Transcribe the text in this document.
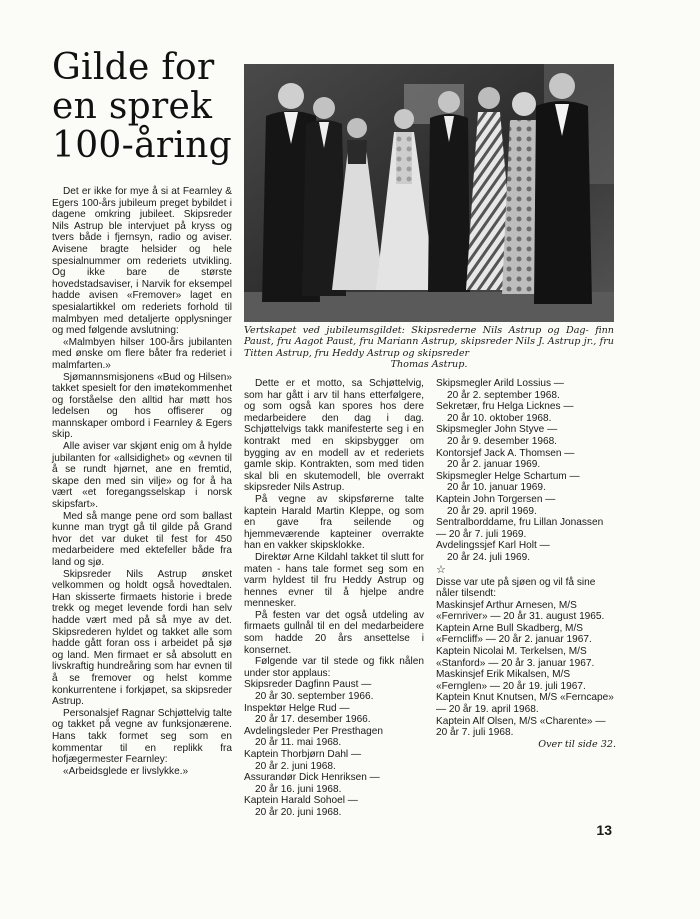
Gilde for
en sprek
100-åring

Vertskapet ved jubileumsgildet: Skipsrederne Nils Astrup og Dag- finn Paust, fru Aagot Paust, fru Mariann Astrup, skipsreder Nils J. Astrup jr., fru Titten Astrup, fru Heddy Astrup og skipsreder
Thomas Astrup.

Det er ikke for mye å si at Fearnley & Egers 100-års jubileum preget bybildet i dagene omkring jubileet. Skipsreder Nils Astrup ble intervjuet på kryss og tvers både i fjernsyn, radio og aviser. Avisene bragte helsider og hele spesialnummer om rederiets utvikling. Og ikke bare de største hovedstadsaviser, i Narvik for eksempel hadde avisen «Fremover» laget en spesialartikkel om rederiets forhold til malmbyen med detaljerte opplysninger og med følgende avslutning:

«Malmbyen hilser 100-års jubilanten med ønske om flere båter fra rederiet i malmfarten.»

Sjømannsmisjonens «Bud og Hilsen» takket spesielt for den imøtekommenhet og forståelse den alltid har møtt hos ledelsen og hos offiserer og mannskaper ombord i Fearnley & Egers skip.

Alle aviser var skjønt enig om å hylde jubilanten for «allsidighet» og «evnen til å se rundt hjørnet, ane en fremtid, skape den med sin vilje» og for å ha vært «et foregangsselskap i norsk skipsfart».

Med så mange pene ord som ballast kunne man trygt gå til gilde på Grand hvor det var duket til fest for 450 medarbeidere med ektefeller både fra land og sjø.

Skipsreder Nils Astrup ønsket velkommen og holdt også hovedtalen. Han skisserte firmaets historie i brede trekk og meget levende fordi han selv hadde vært med på så mye av det. Skipsrederen hyldet og takket alle som hadde gått foran oss i arbeidet på sjø og land. Men firmaet er så absolutt en livskraftig hundreåring som har evnen til å se fremover og helst komme konkurrentene i forkjøpet, sa skipsreder Astrup.

Personalsjef Ragnar Schjøttelvig talte og takket på vegne av funksjonærene. Hans takk formet seg som en kommentar til en replikk fra hofjægermester Fearnley:

«Arbeidsglede er livslykke.»

Dette er et motto, sa Schjøttelvig, som har gått i arv til hans etterfølgere, og som også kan spores hos dere medarbeidere den dag i dag. Schjøttelvigs takk manifesterte seg i en kontrakt med en skipsbygger om bygging av en modell av et rederiets gamle skip. Kontrakten, som med tiden skal bli en skutemodell, ble overrakt skipsreder Nils Astrup.

På vegne av skipsførerne talte kaptein Harald Martin Kleppe, og som en gave fra seilende og hjemmeværende kapteiner overrakte han en vakker skipsklokke.

Direktør Arne Kildahl takket til slutt for maten - hans tale formet seg som en varm hyldest til fru Heddy Astrup og hennes evner til å hjelpe andre mennesker.

På festen var det også utdeling av firmaets gullnål til en del medarbeidere som hadde 20 års ansettelse i konsernet.

Følgende var til stede og fikk nålen under stor applaus:

Skipsreder Dagfinn Paust —
20 år 30. september 1966.
Inspektør Helge Rud —
20 år 17. desember 1966.
Avdelingsleder Per Presthagen
20 år 11. mai 1968.
Kaptein Thorbjørn Dahl —
20 år 2. juni 1968.
Assurandør Dick Henriksen —
20 år 16. juni 1968.
Kaptein Harald Sohoel —
20 år 20. juni 1968.
Skipsmegler Arild Lossius —
20 år 2. september 1968.
Sekretær, fru Helga Licknes —
20 år 10. oktober 1968.
Skipsmegler John Styve —
20 år 9. desember 1968.
Kontorsjef Jack A. Thomsen —
20 år 2. januar 1969.
Skipsmegler Helge Schartum —
20 år 10. januar 1969.
Kaptein John Torgersen —
20 år 29. april 1969.
Sentralborddame, fru Lillan Jonassen — 20 år 7. juli 1969.
Avdelingssjef Karl Holt —
20 år 24. juli 1969.

☆

Disse var ute på sjøen og vil få sine nåler tilsendt:

Maskinsjef Arthur Arnesen, M/S «Fernriver» — 20 år 31. august 1965.

Kaptein Arne Bull Skadberg, M/S «Ferncliff» — 20 år 2. januar 1967.

Kaptein Nicolai M. Terkelsen, M/S «Stanford» — 20 år 3. januar 1967.

Maskinsjef Erik Mikalsen, M/S «Fernglen» — 20 år 19. juli 1967.

Kaptein Knut Knutsen, M/S «Ferncape» — 20 år 19. april 1968.

Kaptein Alf Olsen, M/S «Charente» — 20 år 7. juli 1968.

Over til side 32.
13
